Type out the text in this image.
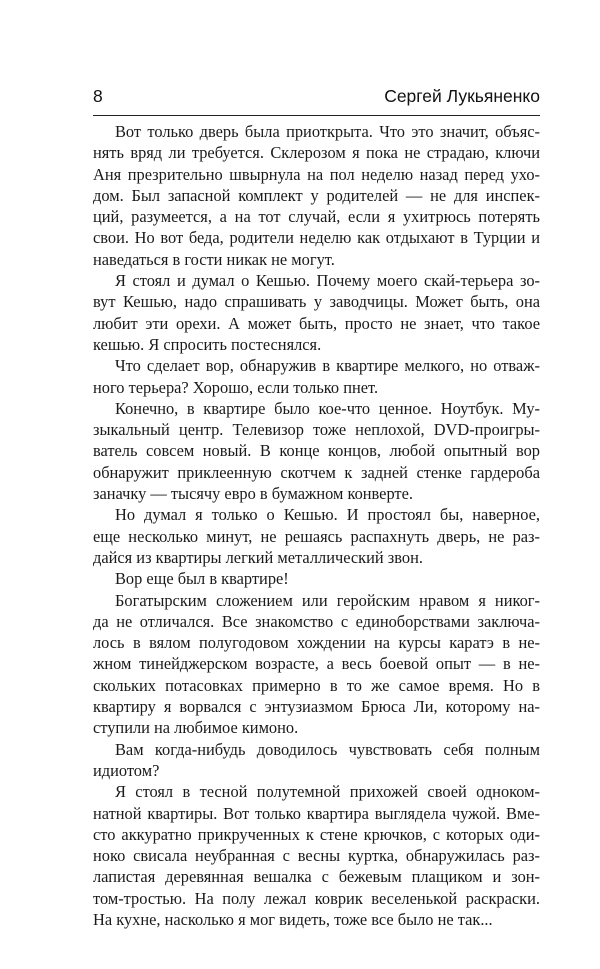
8	Сергей Лукьяненко
Вот только дверь была приоткрыта. Что это значит, объяс-
нять вряд ли требуется. Склерозом я пока не страдаю, ключи
Аня презрительно швырнула на пол неделю назад перед ухо-
дом. Был запасной комплект у родителей — не для инспек-
ций, разумеется, а на тот случай, если я ухитрюсь потерять
свои. Но вот беда, родители неделю как отдыхают в Турции и
наведаться в гости никак не могут.
Я стоял и думал о Кешью. Почему моего скай-терьера зо-
вут Кешью, надо спрашивать у заводчицы. Может быть, она
любит эти орехи. А может быть, просто не знает, что такое
кешью. Я спросить постеснялся.
Что сделает вор, обнаружив в квартире мелкого, но отваж-
ного терьера? Хорошо, если только пнет.
Конечно, в квартире было кое-что ценное. Ноутбук. Му-
зыкальный центр. Телевизор тоже неплохой, DVD-проигры-
ватель совсем новый. В конце концов, любой опытный вор
обнаружит приклеенную скотчем к задней стенке гардероба
заначку — тысячу евро в бумажном конверте.
Но думал я только о Кешью. И простоял бы, наверное,
еще несколько минут, не решаясь распахнуть дверь, не раз-
дайся из квартиры легкий металлический звон.
Вор еще был в квартире!
Богатырским сложением или геройским нравом я никог-
да не отличался. Все знакомство с единоборствами заключа-
лось в вялом полугодовом хождении на курсы каратэ в не-
жном тинейджерском возрасте, а весь боевой опыт — в не-
скольких потасовках примерно в то же самое время. Но в
квартиру я ворвался с энтузиазмом Брюса Ли, которому на-
ступили на любимое кимоно.
Вам когда-нибудь доводилось чувствовать себя полным
идиотом?
Я стоял в тесной полутемной прихожей своей одноком-
натной квартиры. Вот только квартира выглядела чужой. Вме-
сто аккуратно прикрученных к стене крючков, с которых оди-
ноко свисала неубранная с весны куртка, обнаружилась раз-
лапистая деревянная вешалка с бежевым плащиком и зон-
том-тростью. На полу лежал коврик веселенькой раскраски.
На кухне, насколько я мог видеть, тоже все было не так...
